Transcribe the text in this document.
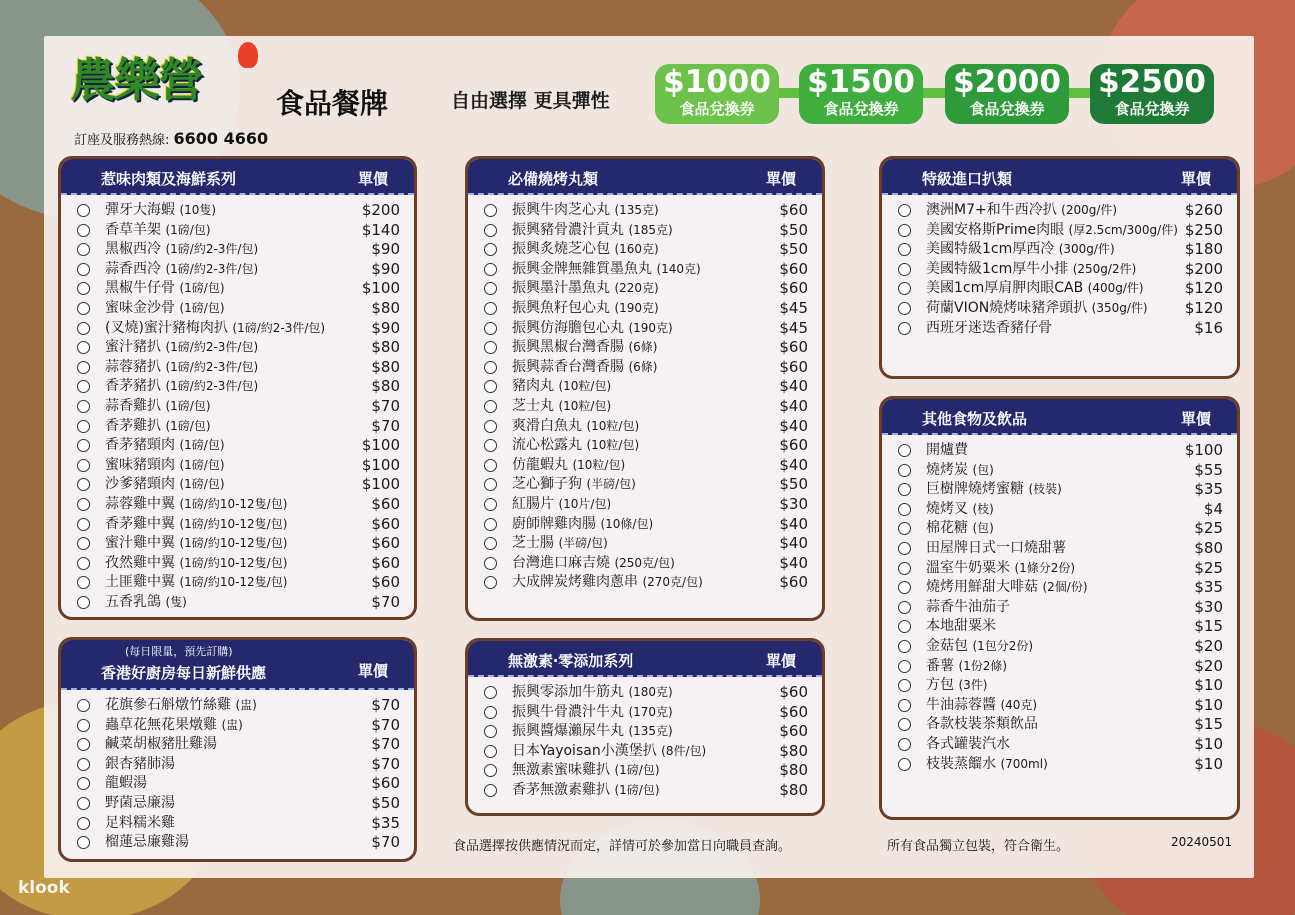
農樂營	食品餐牌
訂座及服務熱線: 6600 4660
自由選擇 更具彈性
$1000
食品兌換券
$1500
食品兌換券
$2000
食品兌換券
$2500
食品兌換券
惹味肉類及海鮮系列	單價
彈牙大海蝦 (10隻)	$200
香草羊架 (1磅/包)	$140
黑椒西冷 (1磅/約2-3件/包)	$90
蒜香西冷 (1磅/約2-3件/包)	$90
黑椒牛仔骨 (1磅/包)	$100
蜜味金沙骨 (1磅/包)	$80
(叉燒)蜜汁豬梅肉扒 (1磅/約2-3件/包)	$90
蜜汁豬扒 (1磅/約2-3件/包)	$80
蒜蓉豬扒 (1磅/約2-3件/包)	$80
香茅豬扒 (1磅/約2-3件/包)	$80
蒜香雞扒 (1磅/包)	$70
香茅雞扒 (1磅/包)	$70
香茅豬頸肉 (1磅/包)	$100
蜜味豬頸肉 (1磅/包)	$100
沙爹豬頸肉 (1磅/包)	$100
蒜蓉雞中翼 (1磅/約10-12隻/包)	$60
香茅雞中翼 (1磅/約10-12隻/包)	$60
蜜汁雞中翼 (1磅/約10-12隻/包)	$60
孜然雞中翼 (1磅/約10-12隻/包)	$60
土匪雞中翼 (1磅/約10-12隻/包)	$60
五香乳鴿 (隻)	$70
(每日限量，預先訂購)
香港好廚房每日新鮮供應	單價
花旗參石斛燉竹絲雞 (盅)	$70
蟲草花無花果燉雞 (盅)	$70
鹹菜胡椒豬肚雞湯	$70
銀杏豬肺湯	$70
龍蝦湯	$60
野菌忌廉湯	$50
足料糯米雞	$35
榴蓮忌廉雞湯	$70
必備燒烤丸類	單價
振興牛肉芝心丸 (135克)	$60
振興豬骨濃汁貢丸 (185克)	$50
振興炙燒芝心包 (160克)	$50
振興金牌無雜質墨魚丸 (140克)	$60
振興墨汁墨魚丸 (220克)	$60
振興魚籽包心丸 (190克)	$45
振興仿海膽包心丸 (190克)	$45
振興黑椒台灣香腸 (6條)	$60
振興蒜香台灣香腸 (6條)	$60
豬肉丸 (10粒/包)	$40
芝士丸 (10粒/包)	$40
爽滑白魚丸 (10粒/包)	$40
流心松露丸 (10粒/包)	$60
仿龍蝦丸 (10粒/包)	$40
芝心獅子狗 (半磅/包)	$50
紅腸片 (10片/包)	$30
廚師牌雞肉腸 (10條/包)	$40
芝士腸 (半磅/包)	$40
台灣進口麻吉燒 (250克/包)	$40
大成牌炭烤雞肉蔥串 (270克/包)	$60
無激素‧零添加系列	單價
振興零添加牛筋丸 (180克)	$60
振興牛骨濃汁牛丸 (170克)	$60
振興醬爆瀨尿牛丸 (135克)	$60
日本Yayoisan小漢堡扒 (8件/包)	$80
無激素蜜味雞扒 (1磅/包)	$80
香茅無激素雞扒 (1磅/包)	$80
特級進口扒類	單價
澳洲M7+和牛西冷扒 (200g/件)	$260
美國安格斯Prime肉眼 (厚2.5cm/300g/件) $250
美國特級1cm厚西冷 (300g/件)	$180
美國特級1cm厚牛小排 (250g/2件)	$200
美國1cm厚肩胛肉眼CAB (400g/件)	$120
荷蘭VION燒烤味豬斧頭扒 (350g/件) $120
西班牙迷迭香豬仔骨	$16
其他食物及飲品	單價
開爐費	$100
燒烤炭 (包)	$55
巨樹牌燒烤蜜糖 (枝裝)	$35
燒烤叉 (枝)	$4
棉花糖 (包)	$25
田屋牌日式一口燒甜薯	$80
溫室牛奶粟米 (1條分2份)	$25
燒烤用鮮甜大啡菇 (2個/份)	$35
蒜香牛油茄子	$30
本地甜粟米	$15
金菇包 (1包分2份)	$20
番薯 (1份2條)	$20
方包 (3件)	$10
牛油蒜蓉醬 (40克)	$10
各款枝裝茶類飲品	$15
各式罐裝汽水	$10
枝裝蒸餾水 (700ml)	$10
食品選擇按供應情況而定，詳情可於參加當日向職員查詢。	所有食品獨立包裝，符合衛生。	20240501
klook
